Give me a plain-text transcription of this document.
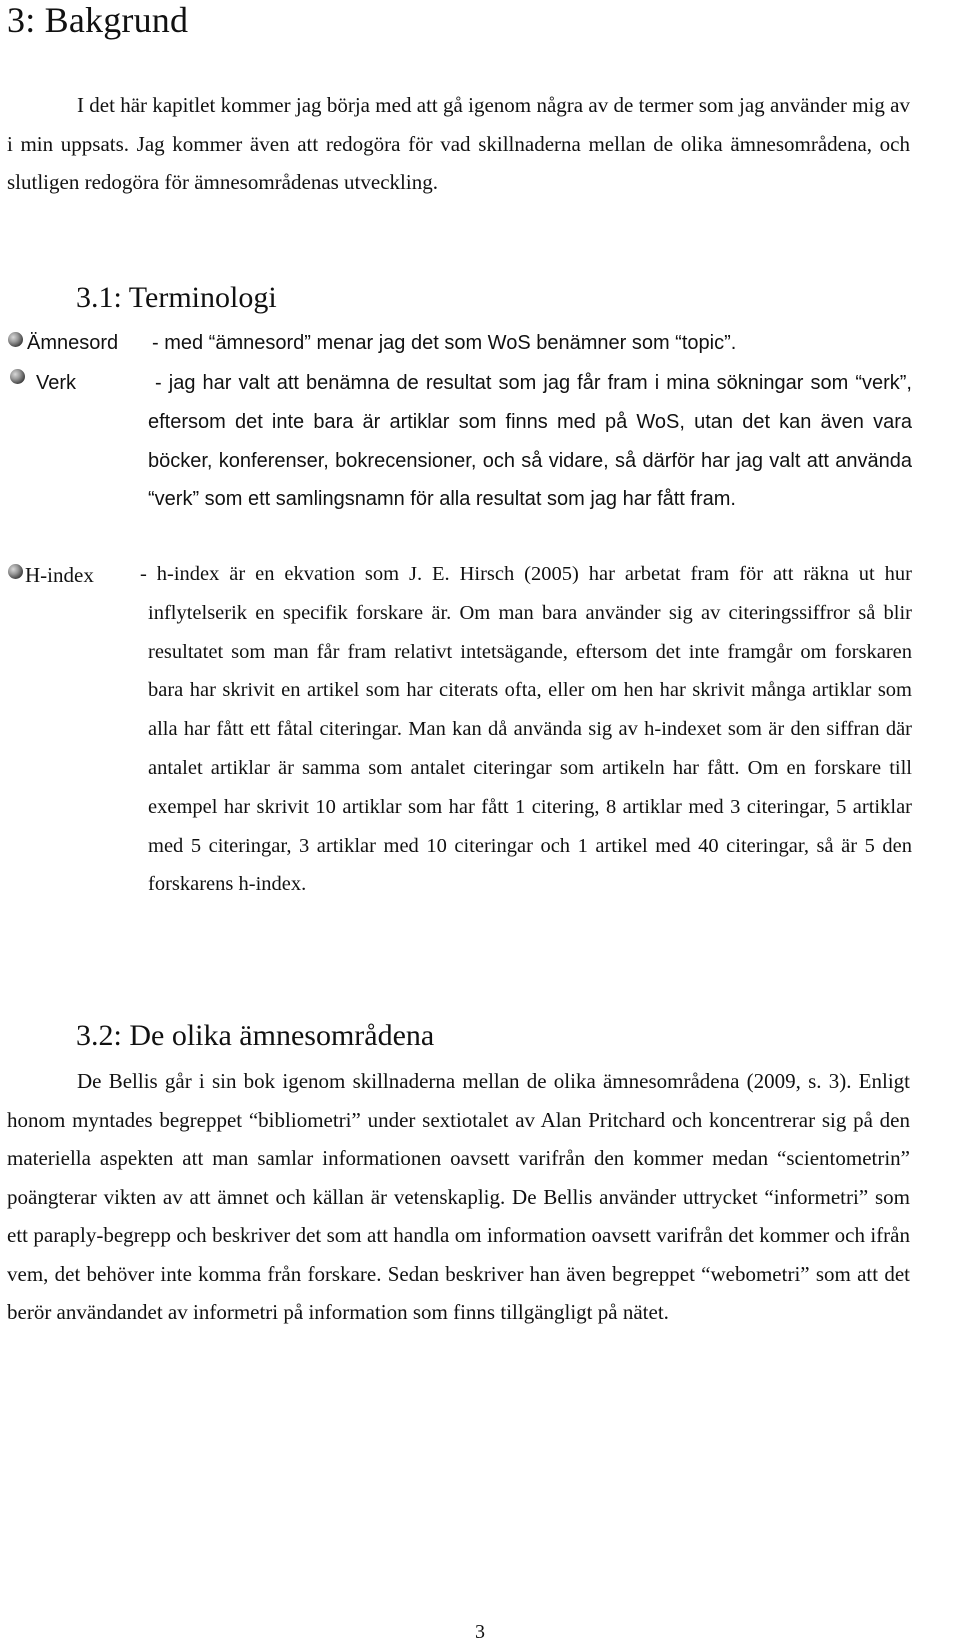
3: Bakgrund

I det här kapitlet kommer jag börja med att gå igenom några av de termer som jag använder mig av i min uppsats. Jag kommer även att redogöra för vad skillnaderna mellan de olika ämnesområdena, och slutligen redogöra för ämnesområdenas utveckling.

3.1: Terminologi
Ämnesord - med “ämnesord” menar jag det som WoS benämner som “topic”.

Verk	- jag har valt att benämna de resultat som jag får fram i mina sökningar som “verk”, eftersom det inte bara är artiklar som finns med på WoS, utan det kan även vara böcker, konferenser, bokrecensioner, och så vidare, så därför har jag valt att använda “verk” som ett samlingsnamn för alla resultat som jag har fått fram.

H-index - h-index är en ekvation som J. E. Hirsch (2005) har arbetat fram för att räkna ut hur inflytelserik en specifik forskare är. Om man bara använder sig av citeringssiffror så blir resultatet som man får fram relativt intetsägande, eftersom det inte framgår om forskaren bara har skrivit en artikel som har citerats ofta, eller om hen har skrivit många artiklar som alla har fått ett fåtal citeringar. Man kan då använda sig av h-indexet som är den siffran där antalet artiklar är samma som antalet citeringar som artikeln har fått. Om en forskare till exempel har skrivit 10 artiklar som har fått 1 citering, 8 artiklar med 3 citeringar, 5 artiklar med 5 citeringar, 3 artiklar med 10 citeringar och 1 artikel med 40 citeringar, så är 5 den forskarens h-index.

3.2: De olika ämnesområdena

De Bellis går i sin bok igenom skillnaderna mellan de olika ämnesområdena (2009, s. 3). Enligt honom myntades begreppet “bibliometri” under sextiotalet av Alan Pritchard och koncentrerar sig på den materiella aspekten att man samlar informationen oavsett varifrån den kommer medan “scientometrin” poängterar vikten av att ämnet och källan är vetenskaplig. De Bellis använder uttrycket “informetri” som ett paraply-begrepp och beskriver det som att handla om information oavsett varifrån det kommer och ifrån vem, det behöver inte komma från forskare. Sedan beskriver han även begreppet “webometri” som att det berör användandet av informetri på information som finns tillgängligt på nätet.

3
